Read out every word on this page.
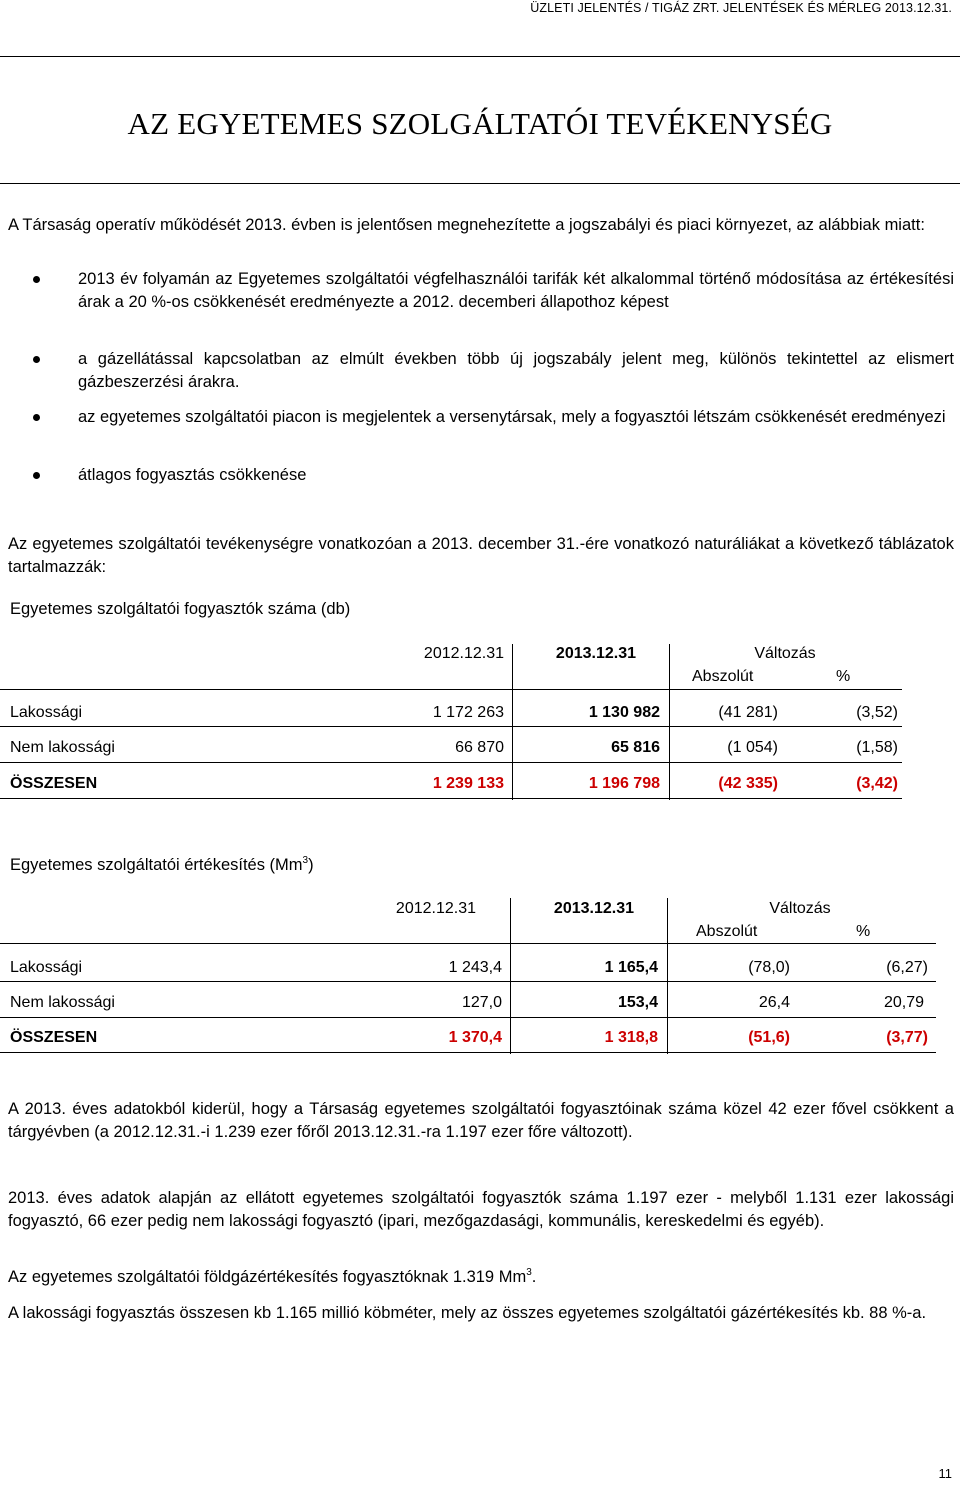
ÜZLETI JELENTÉS / TIGÁZ ZRT. JELENTÉSEK ÉS MÉRLEG 2013.12.31.
AZ EGYETEMES SZOLGÁLTATÓI TEVÉKENYSÉG

A Társaság operatív működését 2013. évben is jelentősen megnehezítette a jogszabályi és piaci környezet, az alábbiak miatt:

2013 év folyamán az Egyetemes szolgáltatói végfelhasználói tarifák két alkalommal történő módosítása az értékesítési árak a 20 %-os csökkenését eredményezte a 2012. decemberi állapothoz képest

a gázellátással kapcsolatban az elmúlt években több új jogszabály jelent meg, különös tekintettel az elismert gázbeszerzési árakra.

az egyetemes szolgáltatói piacon is megjelentek a versenytársak, mely a fogyasztói létszám csökkenését eredményezi

átlagos fogyasztás csökkenése

Az egyetemes szolgáltatói tevékenységre vonatkozóan a 2013. december 31.-ére vonatkozó naturáliákat a következő táblázatok tartalmazzák:

Egyetemes szolgáltatói fogyasztók száma (db)
2012.12.31	2013.12.31	Változás
Abszolút	%
Lakossági	1 172 263	1 130 982	(41 281)	(3,52)
Nem lakossági	66 870	65 816	(1 054)	(1,58)
ÖSSZESEN	1 239 133	1 196 798	(42 335)	(3,42)
Egyetemes szolgáltatói értékesítés (Mm$^3$)
2012.12.31	2013.12.31	Változás
Abszolút	%
Lakossági	1 243,4	1 165,4	(78,0)	(6,27)
Nem lakossági	127,0	153,4	26,4	20,79
ÖSSZESEN	1 370,4	1 318,8	(51,6)	(3,77)

A 2013. éves adatokból kiderül, hogy a Társaság egyetemes szolgáltatói fogyasztóinak száma közel 42 ezer fővel csökkent a tárgyévben (a 2012.12.31.-i 1.239 ezer főről 2013.12.31.-ra 1.197 ezer főre változott).

2013. éves adatok alapján az ellátott egyetemes szolgáltatói fogyasztók száma 1.197 ezer - melyből 1.131 ezer lakossági fogyasztó, 66 ezer pedig nem lakossági fogyasztó (ipari, mezőgazdasági, kommunális, kereskedelmi és egyéb).

Az egyetemes szolgáltatói földgázértékesítés fogyasztóknak 1.319 Mm$^3$.

A lakossági fogyasztás összesen kb 1.165 millió köbméter, mely az összes egyetemes szolgáltatói gázértékesítés kb. 88 %-a.

11
